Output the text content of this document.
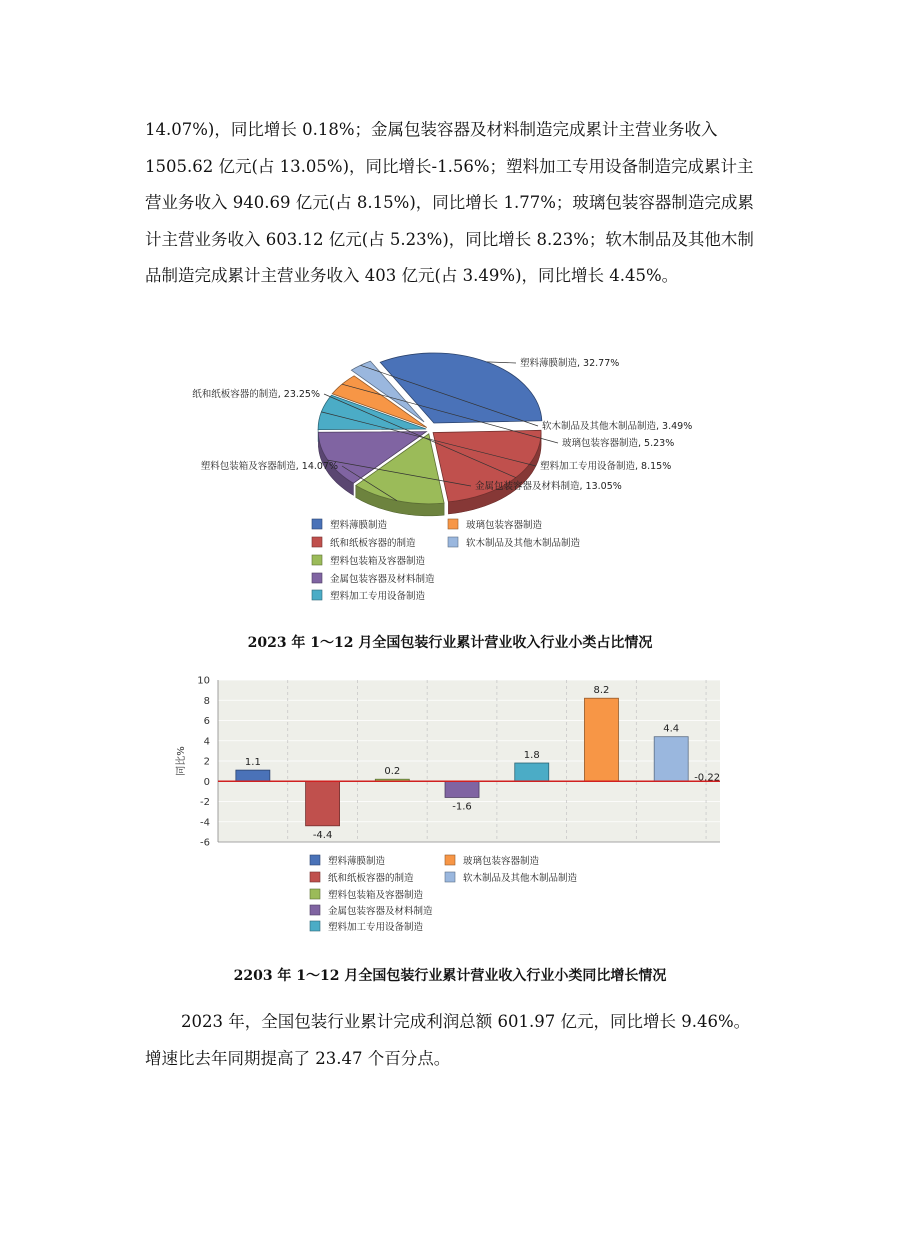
14.07%)，同比增长 0.18%；金属包装容器及材料制造完成累计主营业务收入

1505.62 亿元(占 13.05%)，同比增长-1.56%；塑料加工专用设备制造完成累计主

营业务收入 940.69 亿元(占 8.15%)，同比增长 1.77%；玻璃包装容器制造完成累

计主营业务收入 603.12 亿元(占 5.23%)，同比增长 8.23%；软木制品及其他木制

品制造完成累计主营业务收入 403 亿元(占 3.49%)，同比增长 4.45%。

塑料薄膜制造, 32.77%
纸和纸板容器的制造, 23.25%
塑料包装箱及容器制造, 14.07%
金属包装容器及材料制造, 13.05%
塑料加工专用设备制造, 8.15%
玻璃包装容器制造, 5.23%
软木制品及其他木制品制造, 3.49%
塑料薄膜制造
纸和纸板容器的制造
塑料包装箱及容器制造
金属包装容器及材料制造
塑料加工专用设备制造
玻璃包装容器制造
软木制品及其他木制品制造
2023 年 1～12 月全国包装行业累计营业收入行业小类占比情况
10
8
6
4
2
0
-2
-4
-6
同比%	1.1
-4.4
0.2
-1.6
1.8
8.2
4.4
-0.22
塑料薄膜制造
纸和纸板容器的制造
塑料包装箱及容器制造
金属包装容器及材料制造
塑料加工专用设备制造
玻璃包装容器制造
软木制品及其他木制品制造
2203 年 1～12 月全国包装行业累计营业收入行业小类同比增长情况

2023 年，全国包装行业累计完成利润总额 601.97 亿元，同比增长 9.46%。

增速比去年同期提高了 23.47 个百分点。
